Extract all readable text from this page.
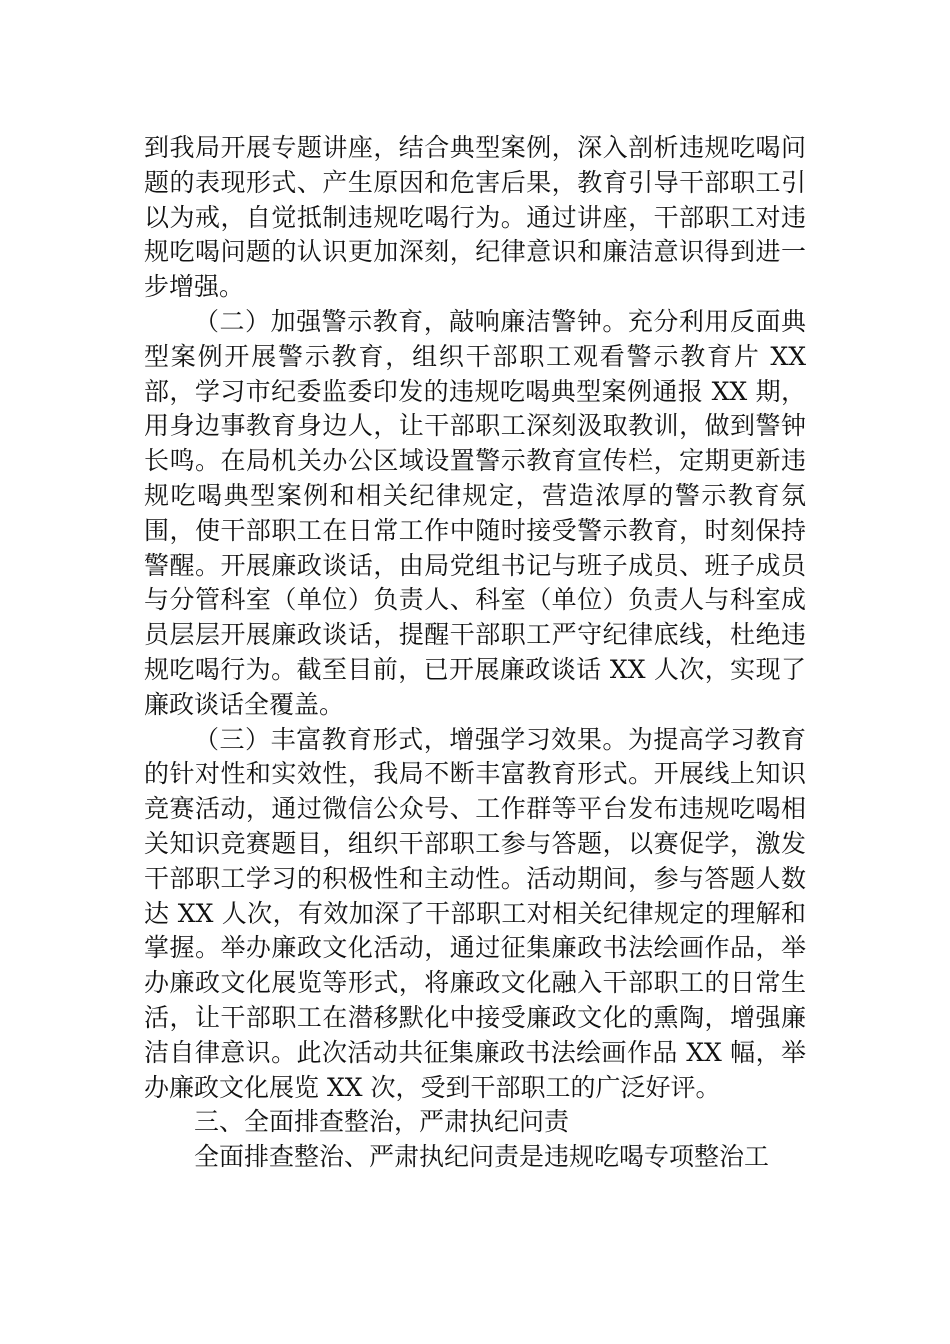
到我局开展专题讲座，结合典型案例，深入剖析违规吃喝问题的表现形式、产生原因和危害后果，教育引导干部职工引以为戒，自觉抵制违规吃喝行为。通过讲座，干部职工对违规吃喝问题的认识更加深刻，纪律意识和廉洁意识得到进一步增强。

（二）加强警示教育，敲响廉洁警钟。充分利用反面典型案例开展警示教育，组织干部职工观看警示教育片 XX 部，学习市纪委监委印发的违规吃喝典型案例通报 XX 期，用身边事教育身边人，让干部职工深刻汲取教训，做到警钟长鸣。在局机关办公区域设置警示教育宣传栏，定期更新违规吃喝典型案例和相关纪律规定，营造浓厚的警示教育氛围，使干部职工在日常工作中随时接受警示教育，时刻保持警醒。开展廉政谈话，由局党组书记与班子成员、班子成员与分管科室（单位）负责人、科室（单位）负责人与科室成员层层开展廉政谈话，提醒干部职工严守纪律底线，杜绝违规吃喝行为。截至目前，已开展廉政谈话 XX 人次，实现了廉政谈话全覆盖。

（三）丰富教育形式，增强学习效果。为提高学习教育的针对性和实效性，我局不断丰富教育形式。开展线上知识竞赛活动，通过微信公众号、工作群等平台发布违规吃喝相关知识竞赛题目，组织干部职工参与答题，以赛促学，激发干部职工学习的积极性和主动性。活动期间，参与答题人数达 XX 人次，有效加深了干部职工对相关纪律规定的理解和掌握。举办廉政文化活动，通过征集廉政书法绘画作品，举办廉政文化展览等形式，将廉政文化融入干部职工的日常生活，让干部职工在潜移默化中接受廉政文化的熏陶，增强廉洁自律意识。此次活动共征集廉政书法绘画作品 XX 幅，举办廉政文化展览 XX 次，受到干部职工的广泛好评。

三、全面排查整治，严肃执纪问责

全面排查整治、严肃执纪问责是违规吃喝专项整治工
